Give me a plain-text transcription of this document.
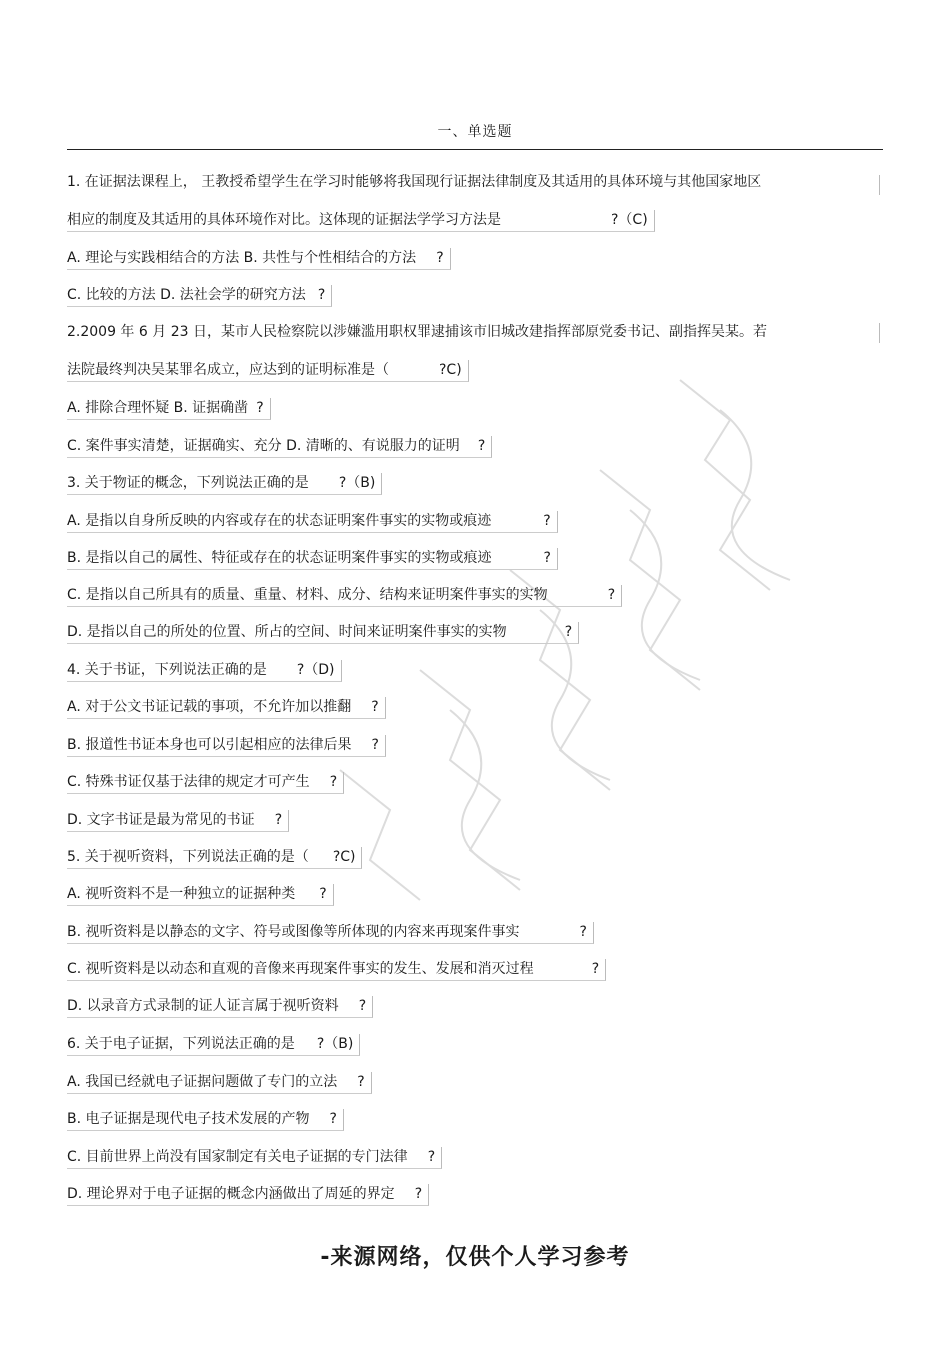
一、单选题
1. 在证据法课程上， 王教授希望学生在学习时能够将我国现行证据法律制度及其适用的具体环境与其他国家地区
相应的制度及其适用的具体环境作对比。这体现的证据法学学习方法是	?（C)
A. 理论与实践相结合的方法 B. 共性与个性相结合的方法 ?
C. 比较的方法 D. 法社会学的研究方法 ?
2.2009 年 6 月 23 日，某市人民检察院以涉嫌滥用职权罪逮捕该市旧城改建指挥部原党委书记、副指挥吴某。若
法院最终判决吴某罪名成立，应达到的证明标准是（	?C)
A. 排除合理怀疑 B. 证据确凿 ?
C. 案件事实清楚，证据确实、充分 D. 清晰的、有说服力的证明 ?
3. 关于物证的概念，下列说法正确的是 ?（B)
A. 是指以自身所反映的内容或存在的状态证明案件事实的实物或痕迹	?
B. 是指以自己的属性、特征或存在的状态证明案件事实的实物或痕迹	?
C. 是指以自己所具有的质量、重量、材料、成分、结构来证明案件事实的实物	?
D. 是指以自己的所处的位置、所占的空间、时间来证明案件事实的实物	?
4. 关于书证，下列说法正确的是 ?（D)
A. 对于公文书证记载的事项，不允许加以推翻 ?
B. 报道性书证本身也可以引起相应的法律后果 ?
C. 特殊书证仅基于法律的规定才可产生 ?
D. 文字书证是最为常见的书证 ?
5. 关于视听资料，下列说法正确的是（ ?C)
A. 视听资料不是一种独立的证据种类 ?
B. 视听资料是以静态的文字、符号或图像等所体现的内容来再现案件事实	?
C. 视听资料是以动态和直观的音像来再现案件事实的发生、发展和消灭过程	?
D. 以录音方式录制的证人证言属于视听资料 ?
6. 关于电子证据，下列说法正确的是 ?（B)
A. 我国已经就电子证据问题做了专门的立法 ?
B. 电子证据是现代电子技术发展的产物 ?
C. 目前世界上尚没有国家制定有关电子证据的专门法律 ?
D. 理论界对于电子证据的概念内涵做出了周延的界定 ?
-来源网络，仅供个人学习参考
